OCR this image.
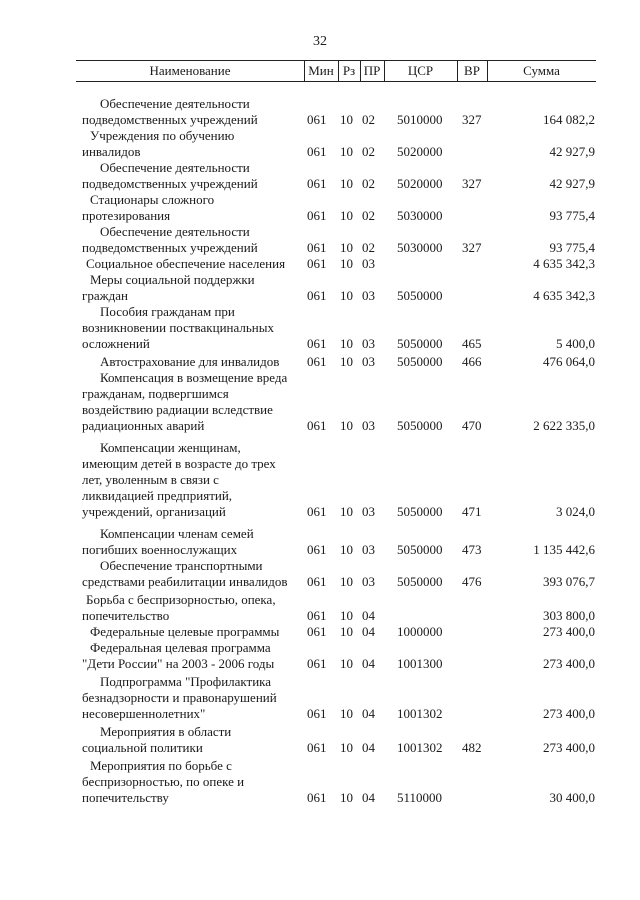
32
Наименование	Мин Рз ПР	ЦСР	ВР	Сумма
Обеспечение деятельности
подведомственных учреждений	061 10 02 5010000 327	164 082,2
Учреждения по обучению
инвалидов	061 10 02 5020000	42 927,9
Обеспечение деятельности
подведомственных учреждений	061 10 02 5020000 327	42 927,9
Стационары сложного
протезирования	061 10 02 5030000	93 775,4
Обеспечение деятельности
подведомственных учреждений	061 10 02 5030000 327	93 775,4
Социальное обеспечение населения	061 10 03	4 635 342,3
Меры социальной поддержки
граждан	061 10 03 5050000	4 635 342,3
Пособия гражданам при
возникновении поствакцинальных
осложнений	061 10 03 5050000 465	5 400,0
Автострахование для инвалидов	061 10 03 5050000 466	476 064,0
Компенсация в возмещение вреда
гражданам, подвергшимся
воздействию радиации вследствие
радиационных аварий	061 10 03 5050000 470	2 622 335,0
Компенсации женщинам,
имеющим детей в возрасте до трех
лет, уволенным в связи с
ликвидацией предприятий,
учреждений, организаций	061 10 03 5050000 471	3 024,0
Компенсации членам семей
погибших военнослужащих	061 10 03 5050000 473	1 135 442,6
Обеспечение транспортными
средствами реабилитации инвалидов	061 10 03 5050000 476	393 076,7
Борьба с беспризорностью, опека,
попечительство	061 10 04	303 800,0
Федеральные целевые программы	061 10 04 1000000	273 400,0
Федеральная целевая программа
"Дети России" на 2003 - 2006 годы	061 10 04 1001300	273 400,0
Подпрограмма "Профилактика
безнадзорности и правонарушений
несовершеннолетних"	061 10 04 1001302	273 400,0
Мероприятия в области
социальной политики	061 10 04 1001302 482	273 400,0
Мероприятия по борьбе с
беспризорностью, по опеке и
попечительству	061 10 04 5110000	30 400,0
